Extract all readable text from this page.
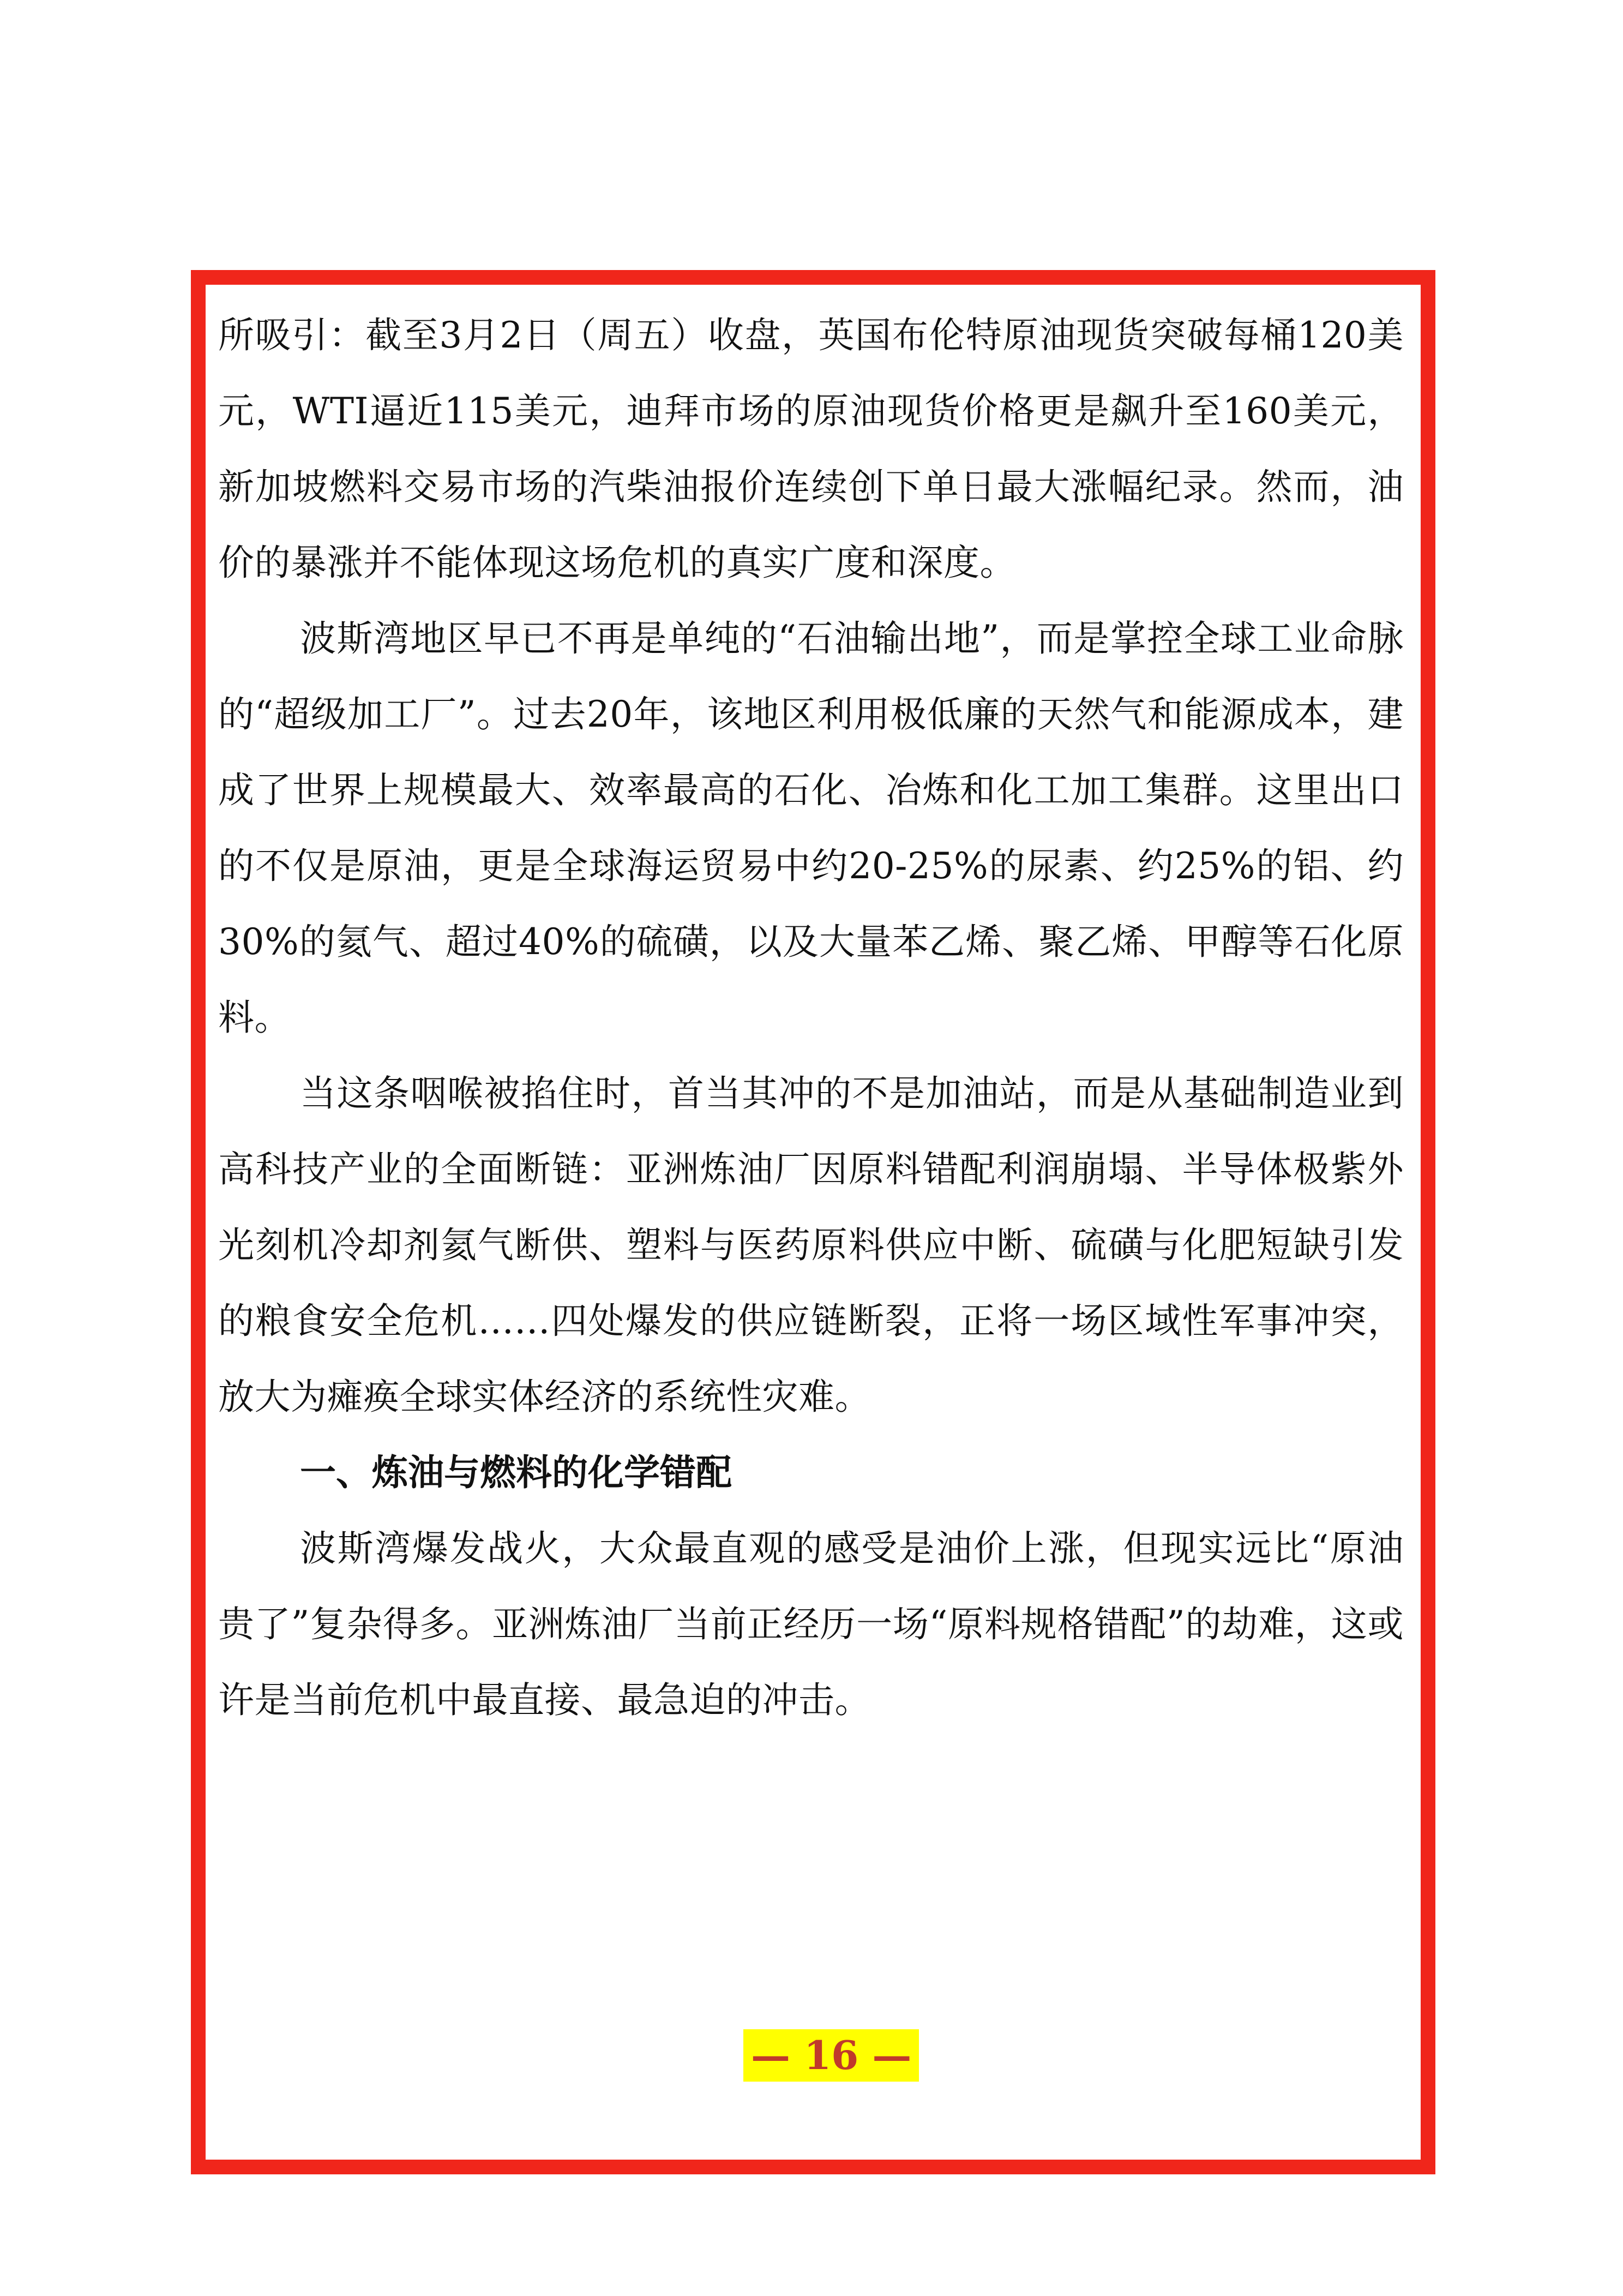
所吸引：截至3月2日（周五）收盘，英国布伦特原油现货突破每桶120美元，WTI逼近115美元，迪拜市场的原油现货价格更是飙升至160美元，新加坡燃料交易市场的汽柴油报价连续创下单日最大涨幅纪录。然而，油价的暴涨并不能体现这场危机的真实广度和深度。

波斯湾地区早已不再是单纯的“石油输出地”，而是掌控全球工业命脉的“超级加工厂”。过去20年，该地区利用极低廉的天然气和能源成本，建成了世界上规模最大、效率最高的石化、冶炼和化工加工集群。这里出口的不仅是原油，更是全球海运贸易中约20-25%的尿素、约25%的铝、约30%的氦气、超过40%的硫磺，以及大量苯乙烯、聚乙烯、甲醇等石化原料。

当这条咽喉被掐住时，首当其冲的不是加油站，而是从基础制造业到高科技产业的全面断链：亚洲炼油厂因原料错配利润崩塌、半导体极紫外光刻机冷却剂氦气断供、塑料与医药原料供应中断、硫磺与化肥短缺引发的粮食安全危机……四处爆发的供应链断裂，正将一场区域性军事冲突，放大为瘫痪全球实体经济的系统性灾难。

一、炼油与燃料的化学错配

波斯湾爆发战火，大众最直观的感受是油价上涨，但现实远比“原油贵了”复杂得多。亚洲炼油厂当前正经历一场“原料规格错配”的劫难，这或许是当前危机中最直接、最急迫的冲击。

— 16 —
